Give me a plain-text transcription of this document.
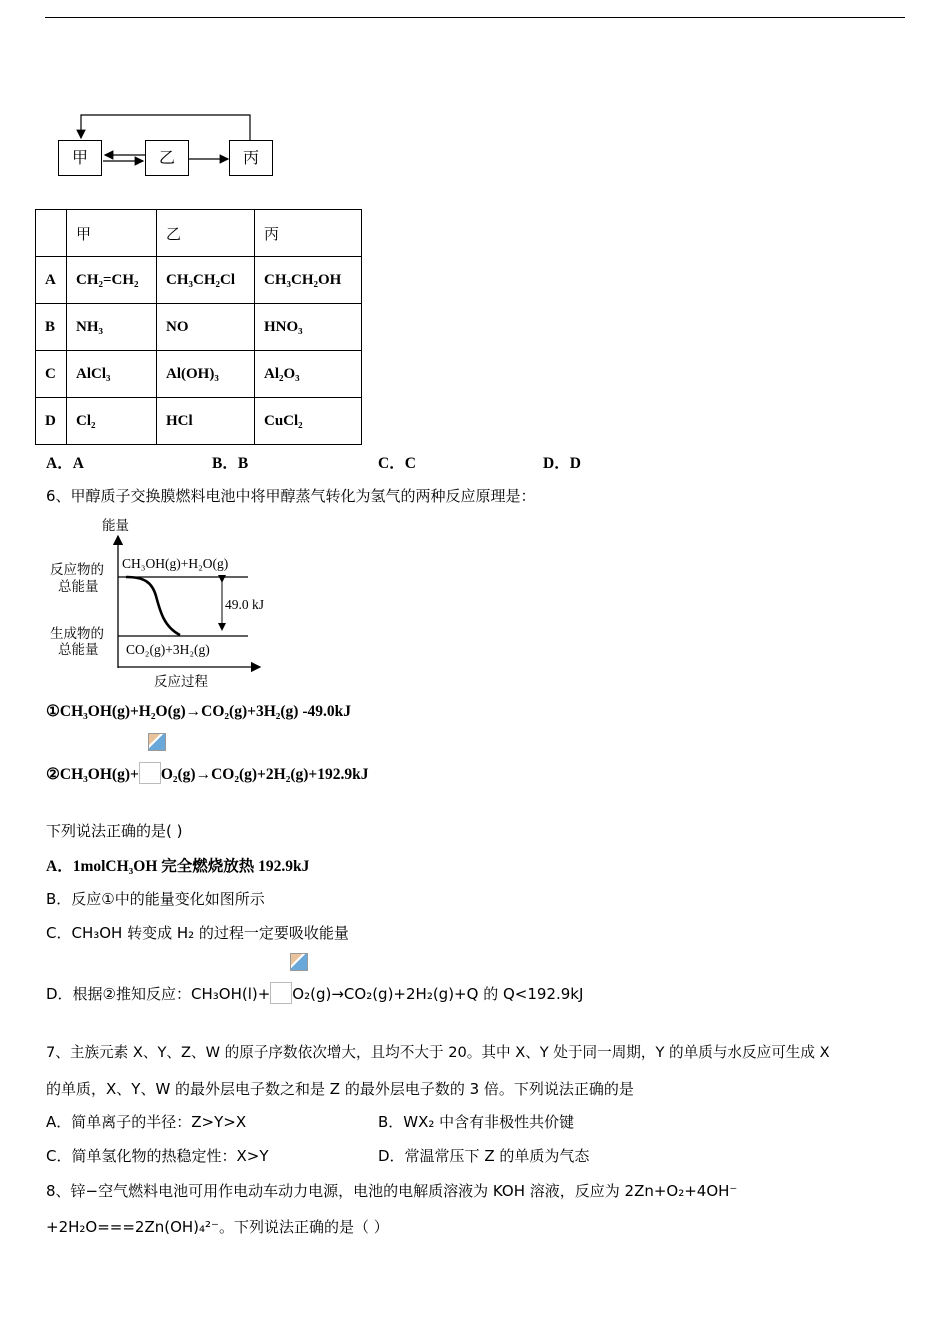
甲	乙	丙
	甲	乙	丙
A	CH₂=CH₂	CH₃CH₂Cl	CH₃CH₂OH
B	NH₃	NO	HNO₃
C	AlCl₃	Al(OH)₃	Al₂O₃
D	Cl₂	HCl	CuCl₂
A．A	B．B	C．C	D．D
6、甲醇质子交换膜燃料电池中将甲醇蒸气转化为氢气的两种反应原理是：
能量
反应物的
总能量
生成物的
总能量
CH₃OH(g)+H₂O(g)
CO₂(g)+3H₂(g)
49.0 kJ
反应过程
①CH₃OH(g)+H₂O(g)→CO₂(g)+3H₂(g) -49.0kJ
②CH₃OH(g)+ O₂(g)→CO₂(g)+2H₂(g)+192.9kJ
下列说法正确的是( )
A．1molCH₃OH 完全燃烧放热 192.9kJ
B．反应①中的能量变化如图所示
C．CH₃OH 转变成 H₂ 的过程一定要吸收能量
D．根据②推知反应：CH₃OH(l)+ O₂(g)→CO₂(g)+2H₂(g)+Q 的 Q<192.9kJ
7、主族元素 X、Y、Z、W 的原子序数依次增大，且均不大于 20。其中 X、Y 处于同一周期，Y 的单质与水反应可生成 X
的单质，X、Y、W 的最外层电子数之和是 Z 的最外层电子数的 3 倍。下列说法正确的是
A．简单离子的半径：Z>Y>X	B．WX₂ 中含有非极性共价键
C．简单氢化物的热稳定性：X>Y	D．常温常压下 Z 的单质为气态
8、锌−空气燃料电池可用作电动车动力电源，电池的电解质溶液为 KOH 溶液，反应为 2Zn+O₂+4OH⁻
+2H₂O===2Zn(OH)₄²⁻。下列说法正确的是（ ）
